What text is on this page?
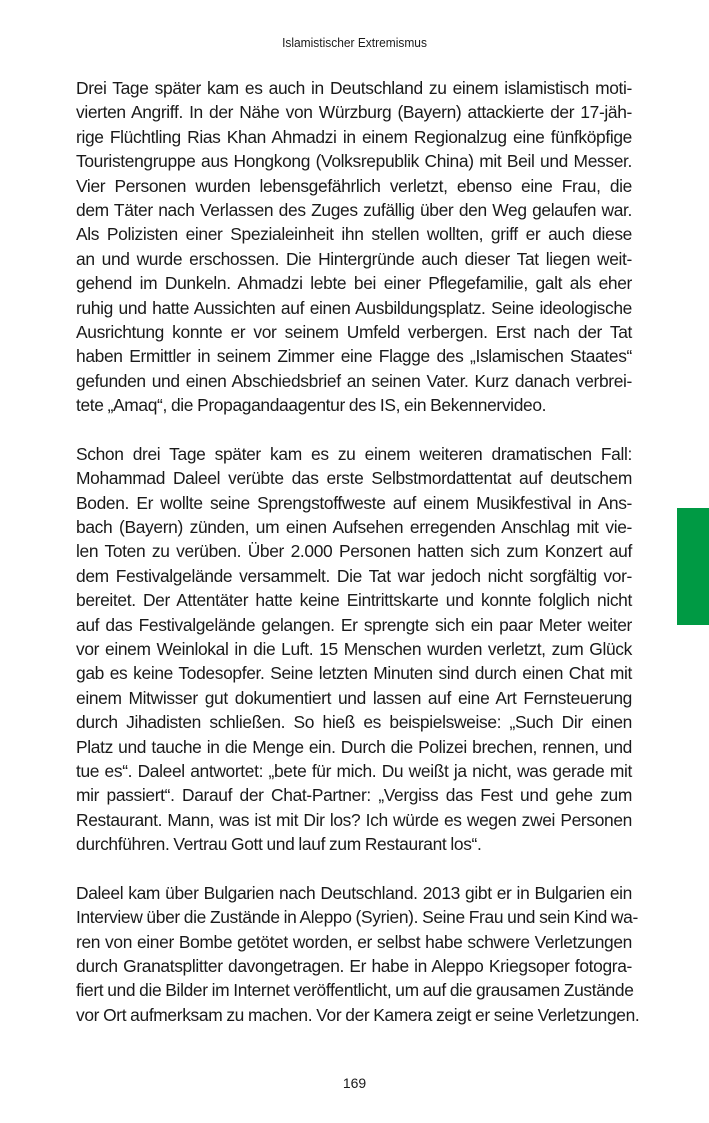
Islamistischer Extremismus

Drei Tage später kam es auch in Deutschland zu einem islamistisch moti-
vierten Angriff. In der Nähe von Würzburg (Bayern) attackierte der 17-jäh-
rige Flüchtling Rias Khan Ahmadzi in einem Regionalzug eine fünfköpfige
Touristengruppe aus Hongkong (Volksrepublik China) mit Beil und Messer.
Vier Personen wurden lebensgefährlich verletzt, ebenso eine Frau, die
dem Täter nach Verlassen des Zuges zufällig über den Weg gelaufen war.
Als Polizisten einer Spezialeinheit ihn stellen wollten, griff er auch diese
an und wurde erschossen. Die Hintergründe auch dieser Tat liegen weit-
gehend im Dunkeln. Ahmadzi lebte bei einer Pflegefamilie, galt als eher
ruhig und hatte Aussichten auf einen Ausbildungsplatz. Seine ideologische
Ausrichtung konnte er vor seinem Umfeld verbergen. Erst nach der Tat
haben Ermittler in seinem Zimmer eine Flagge des „Islamischen Staates“
gefunden und einen Abschiedsbrief an seinen Vater. Kurz danach verbrei-
tete „Amaq“, die Propagandaagentur des IS, ein Bekennervideo.

Schon drei Tage später kam es zu einem weiteren dramatischen Fall:
Mohammad Daleel verübte das erste Selbstmordattentat auf deutschem
Boden. Er wollte seine Sprengstoffweste auf einem Musikfestival in Ans-
bach (Bayern) zünden, um einen Aufsehen erregenden Anschlag mit vie-
len Toten zu verüben. Über 2.000 Personen hatten sich zum Konzert auf
dem Festivalgelände versammelt. Die Tat war jedoch nicht sorgfältig vor-
bereitet. Der Attentäter hatte keine Eintrittskarte und konnte folglich nicht
auf das Festivalgelände gelangen. Er sprengte sich ein paar Meter weiter
vor einem Weinlokal in die Luft. 15 Menschen wurden verletzt, zum Glück
gab es keine Todesopfer. Seine letzten Minuten sind durch einen Chat mit
einem Mitwisser gut dokumentiert und lassen auf eine Art Fernsteuerung
durch Jihadisten schließen. So hieß es beispielsweise: „Such Dir einen
Platz und tauche in die Menge ein. Durch die Polizei brechen, rennen, und
tue es“. Daleel antwortet: „bete für mich. Du weißt ja nicht, was gerade mit
mir passiert“. Darauf der Chat-Partner: „Vergiss das Fest und gehe zum
Restaurant. Mann, was ist mit Dir los? Ich würde es wegen zwei Personen
durchführen. Vertrau Gott und lauf zum Restaurant los“.

Daleel kam über Bulgarien nach Deutschland. 2013 gibt er in Bulgarien ein
Interview über die Zustände in Aleppo (Syrien). Seine Frau und sein Kind wa-
ren von einer Bombe getötet worden, er selbst habe schwere Verletzungen
durch Granatsplitter davongetragen. Er habe in Aleppo Kriegsoper fotogra-
fiert und die Bilder im Internet veröffentlicht, um auf die grausamen Zustände
vor Ort aufmerksam zu machen. Vor der Kamera zeigt er seine Verletzungen.

169
